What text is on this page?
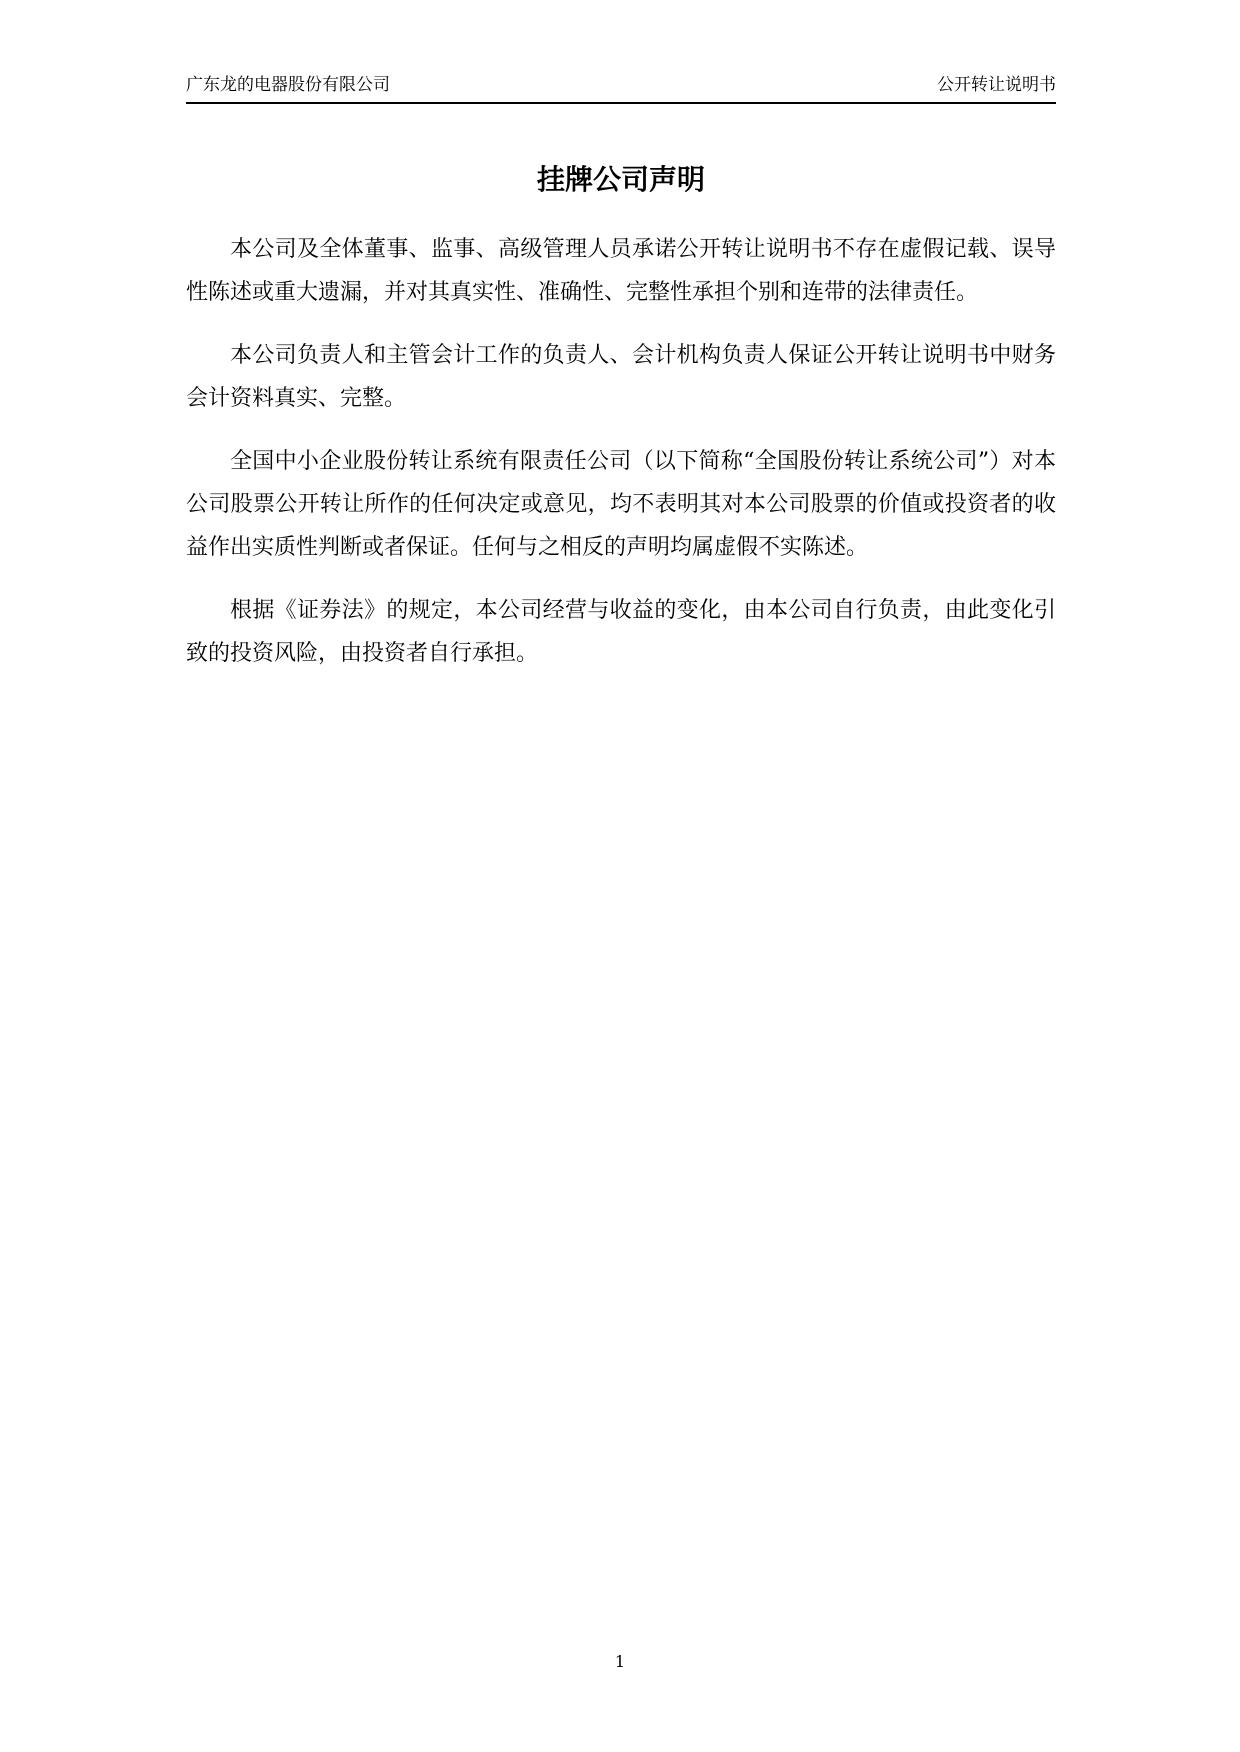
广东龙的电器股份有限公司	公开转让说明书
挂牌公司声明

本公司及全体董事、监事、高级管理人员承诺公开转让说明书不存在虚假记载、误导性陈述或重大遗漏，并对其真实性、准确性、完整性承担个别和连带的法律责任。

本公司负责人和主管会计工作的负责人、会计机构负责人保证公开转让说明书中财务会计资料真实、完整。

全国中小企业股份转让系统有限责任公司（以下简称“全国股份转让系统公司”）对本公司股票公开转让所作的任何决定或意见，均不表明其对本公司股票的价值或投资者的收益作出实质性判断或者保证。任何与之相反的声明均属虚假不实陈述。

根据《证券法》的规定，本公司经营与收益的变化，由本公司自行负责，由此变化引致的投资风险，由投资者自行承担。

1
